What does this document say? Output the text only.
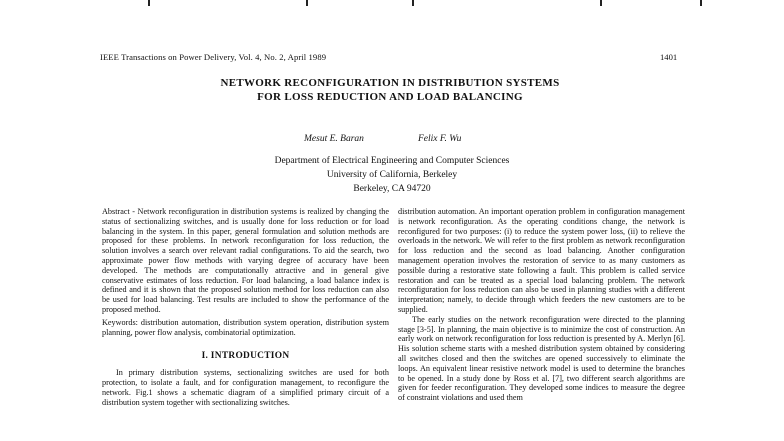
IEEE Transactions on Power Delivery, Vol. 4, No. 2, April 1989	1401
NETWORK RECONFIGURATION IN DISTRIBUTION SYSTEMS
FOR LOSS REDUCTION AND LOAD BALANCING
Mesut E. Baran	Felix F. Wu
Department of Electrical Engineering and Computer Sciences
University of California, Berkeley
Berkeley, CA 94720

Abstract - Network reconfiguration in distribution systems is realized by changing the status of sectionalizing switches, and is usually done for loss reduction or for load balancing in the system. In this paper, general formulation and solution methods are proposed for these problems. In network reconfiguration for loss reduction, the solution involves a search over relevant radial configurations. To aid the search, two approximate power flow methods with varying degree of accuracy have been developed. The methods are computationally attractive and in general give conservative estimates of loss reduction. For load balancing, a load balance index is defined and it is shown that the proposed solution method for loss reduction can also be used for load balancing. Test results are included to show the performance of the proposed method.

Keywords: distribution automation, distribution system operation, distribution system planning, power flow analysis, combinatorial optimization.

I. INTRODUCTION

In primary distribution systems, sectionalizing switches are used for both protection, to isolate a fault, and for configuration management, to reconfigure the network. Fig.1 shows a schematic diagram of a simplified primary circuit of a distribution system together with sectionalizing switches.

distribution automation. An important operation problem in configuration management is network reconfiguration. As the operating conditions change, the network is reconfigured for two purposes: (i) to reduce the system power loss, (ii) to relieve the overloads in the network. We will refer to the first problem as network reconfiguration for loss reduction and the second as load balancing. Another configuration management operation involves the restoration of service to as many customers as possible during a restorative state following a fault. This problem is called service restoration and can be treated as a special load balancing problem. The network reconfiguration for loss reduction can also be used in planning studies with a different interpretation; namely, to decide through which feeders the new customers are to be supplied.

The early studies on the network reconfiguration were directed to the planning stage [3-5]. In planning, the main objective is to minimize the cost of construction. An early work on network reconfiguration for loss reduction is presented by A. Merlyn [6]. His solution scheme starts with a meshed distribution system obtained by considering all switches closed and then the switches are opened successively to eliminate the loops. An equivalent linear resistive network model is used to determine the branches to be opened. In a study done by Ross et al. [7], two different search algorithms are given for feeder reconfiguration. They developed some indices to measure the degree of constraint violations and used them
